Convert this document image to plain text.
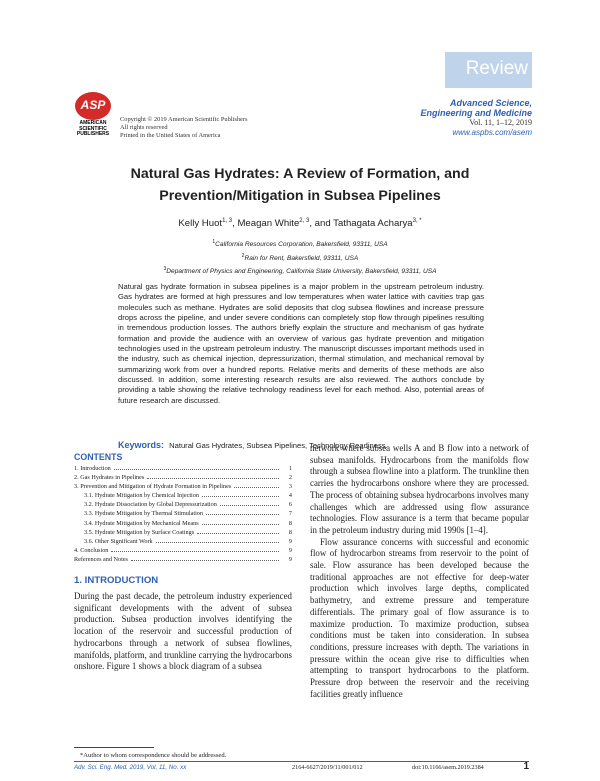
Review
Advanced Science,
Engineering and Medicine
Vol. 11, 1–12, 2019
www.aspbs.com/asem
ASP
AMERICAN
SCIENTIFIC
PUBLISHERS
Copyright © 2019 American Scientific Publishers
All rights reserved
Printed in the United States of America
Natural Gas Hydrates: A Review of Formation, and
Prevention/Mitigation in Subsea Pipelines
Kelly Huot$^{1, 3}$, Meagan White$^{2, 3}$, and Tathagata Acharya$^{3, *}$
$^1$California Resources Corporation, Bakersfield, 93311, USA
$^2$Rain for Rent, Bakersfield, 93311, USA
$^3$Department of Physics and Engineering, California State University, Bakersfield, 93311, USA
Natural gas hydrate formation in subsea pipelines is a major problem in the upstream petroleum industry. Gas hydrates are formed at high pressures and low temperatures when water lattice with cavities trap gas molecules such as methane. Hydrates are solid deposits that clog subsea flowlines and increase pressure drops across the pipeline, and under severe conditions can completely stop flow through pipelines resulting in tremendous production losses. The authors briefly explain the structure and mechanism of gas hydrate formation and provide the audience with an overview of various gas hydrate prevention and mitigation technologies used in the upstream petroleum industry. The manuscript discusses important methods used in the industry, such as chemical injection, depressurization, thermal stimulation, and mechanical removal by summarizing work from over a hundred reports. Relative merits and demerits of these methods are also discussed. In addition, some interesting research results are also reviewed. The authors conclude by providing a table showing the relative technology readiness level for each method. Also, potential areas of future research are discussed.
Keywords: Natural Gas Hydrates, Subsea Pipelines, Technology Readiness.
CONTENTS
1. Introduction	1
2. Gas Hydrates in Pipelines	2
3. Prevention and Mitigation of Hydrate Formation in Pipelines	3
3.1. Hydrate Mitigation by Chemical Injection	4
3.2. Hydrate Dissociation by Global Depressurization	6
3.3. Hydrate Mitigation by Thermal Stimulation	7
3.4. Hydrate Mitigation by Mechanical Means	8
3.5. Hydrate Mitigation by Surface Coatings	8
3.6. Other Significant Work	9
4. Conclusion	9
References and Notes	9
1. INTRODUCTION
During the past decade, the petroleum industry experienced significant developments with the advent of subsea production. Subsea production involves identifying the location of the reservoir and successful production of hydrocarbons through a network of subsea flowlines, manifolds, platform, and trunkline carrying the hydrocarbons onshore. Figure 1 shows a block diagram of a subsea

network where subsea wells A and B flow into a network of subsea manifolds. Hydrocarbons from the manifolds flow through a subsea flowline into a platform. The trunkline then carries the hydrocarbons onshore where they are processed. The process of obtaining subsea hydrocarbons involves many challenges which are addressed using flow assurance technologies. Flow assurance is a term that became popular in the petroleum industry during mid 1990s [1–4].

Flow assurance concerns with successful and economic flow of hydrocarbon streams from reservoir to the point of sale. Flow assurance has been developed because the traditional approaches are not effective for deep-water production which involves large depths, complicated bathymetry, and extreme pressure and temperature differentials. The primary goal of flow assurance is to maximize production. To maximize production, subsea conditions must be taken into consideration. In subsea conditions, pressure increases with depth. The variations in pressure within the ocean give rise to difficulties when attempting to transport hydrocarbons to the platform. Pressure drop between the reservoir and the receiving facilities greatly influence

*Author to whom correspondence should be addressed.
Adv. Sci. Eng. Med. 2019, Vol. 11, No. xx	2164-6627/2019/11/001/012	doi:10.1166/asem.2019.2384	1
